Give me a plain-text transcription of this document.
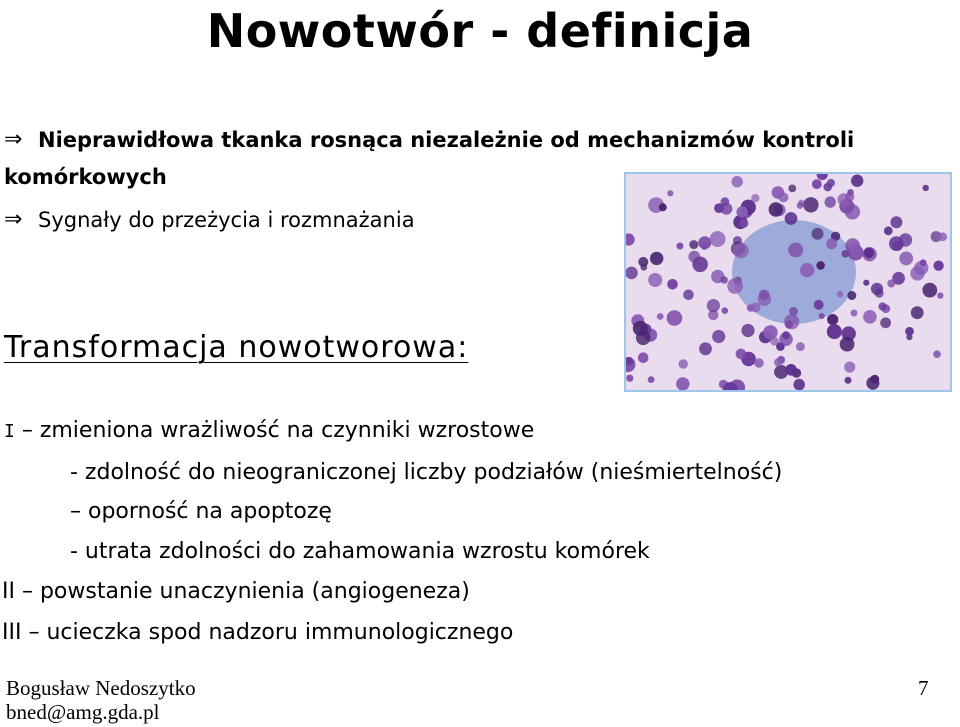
Nowotwór - definicja
⇒ Nieprawidłowa tkanka rosnąca niezależnie od mechanizmów kontroli
komórkowych
⇒ Sygnały do przeżycia i rozmnażania
Transformacja nowotworowa:
I – zmieniona wrażliwość na czynniki wzrostowe
- zdolność do nieograniczonej liczby podziałów (nieśmiertelność)
– oporność na apoptozę
- utrata zdolności do zahamowania wzrostu komórek
II – powstanie unaczynienia (angiogeneza)
III – ucieczka spod nadzoru immunologicznego
Bogusław Nedoszytko
bned@amg.gda.pl
7
